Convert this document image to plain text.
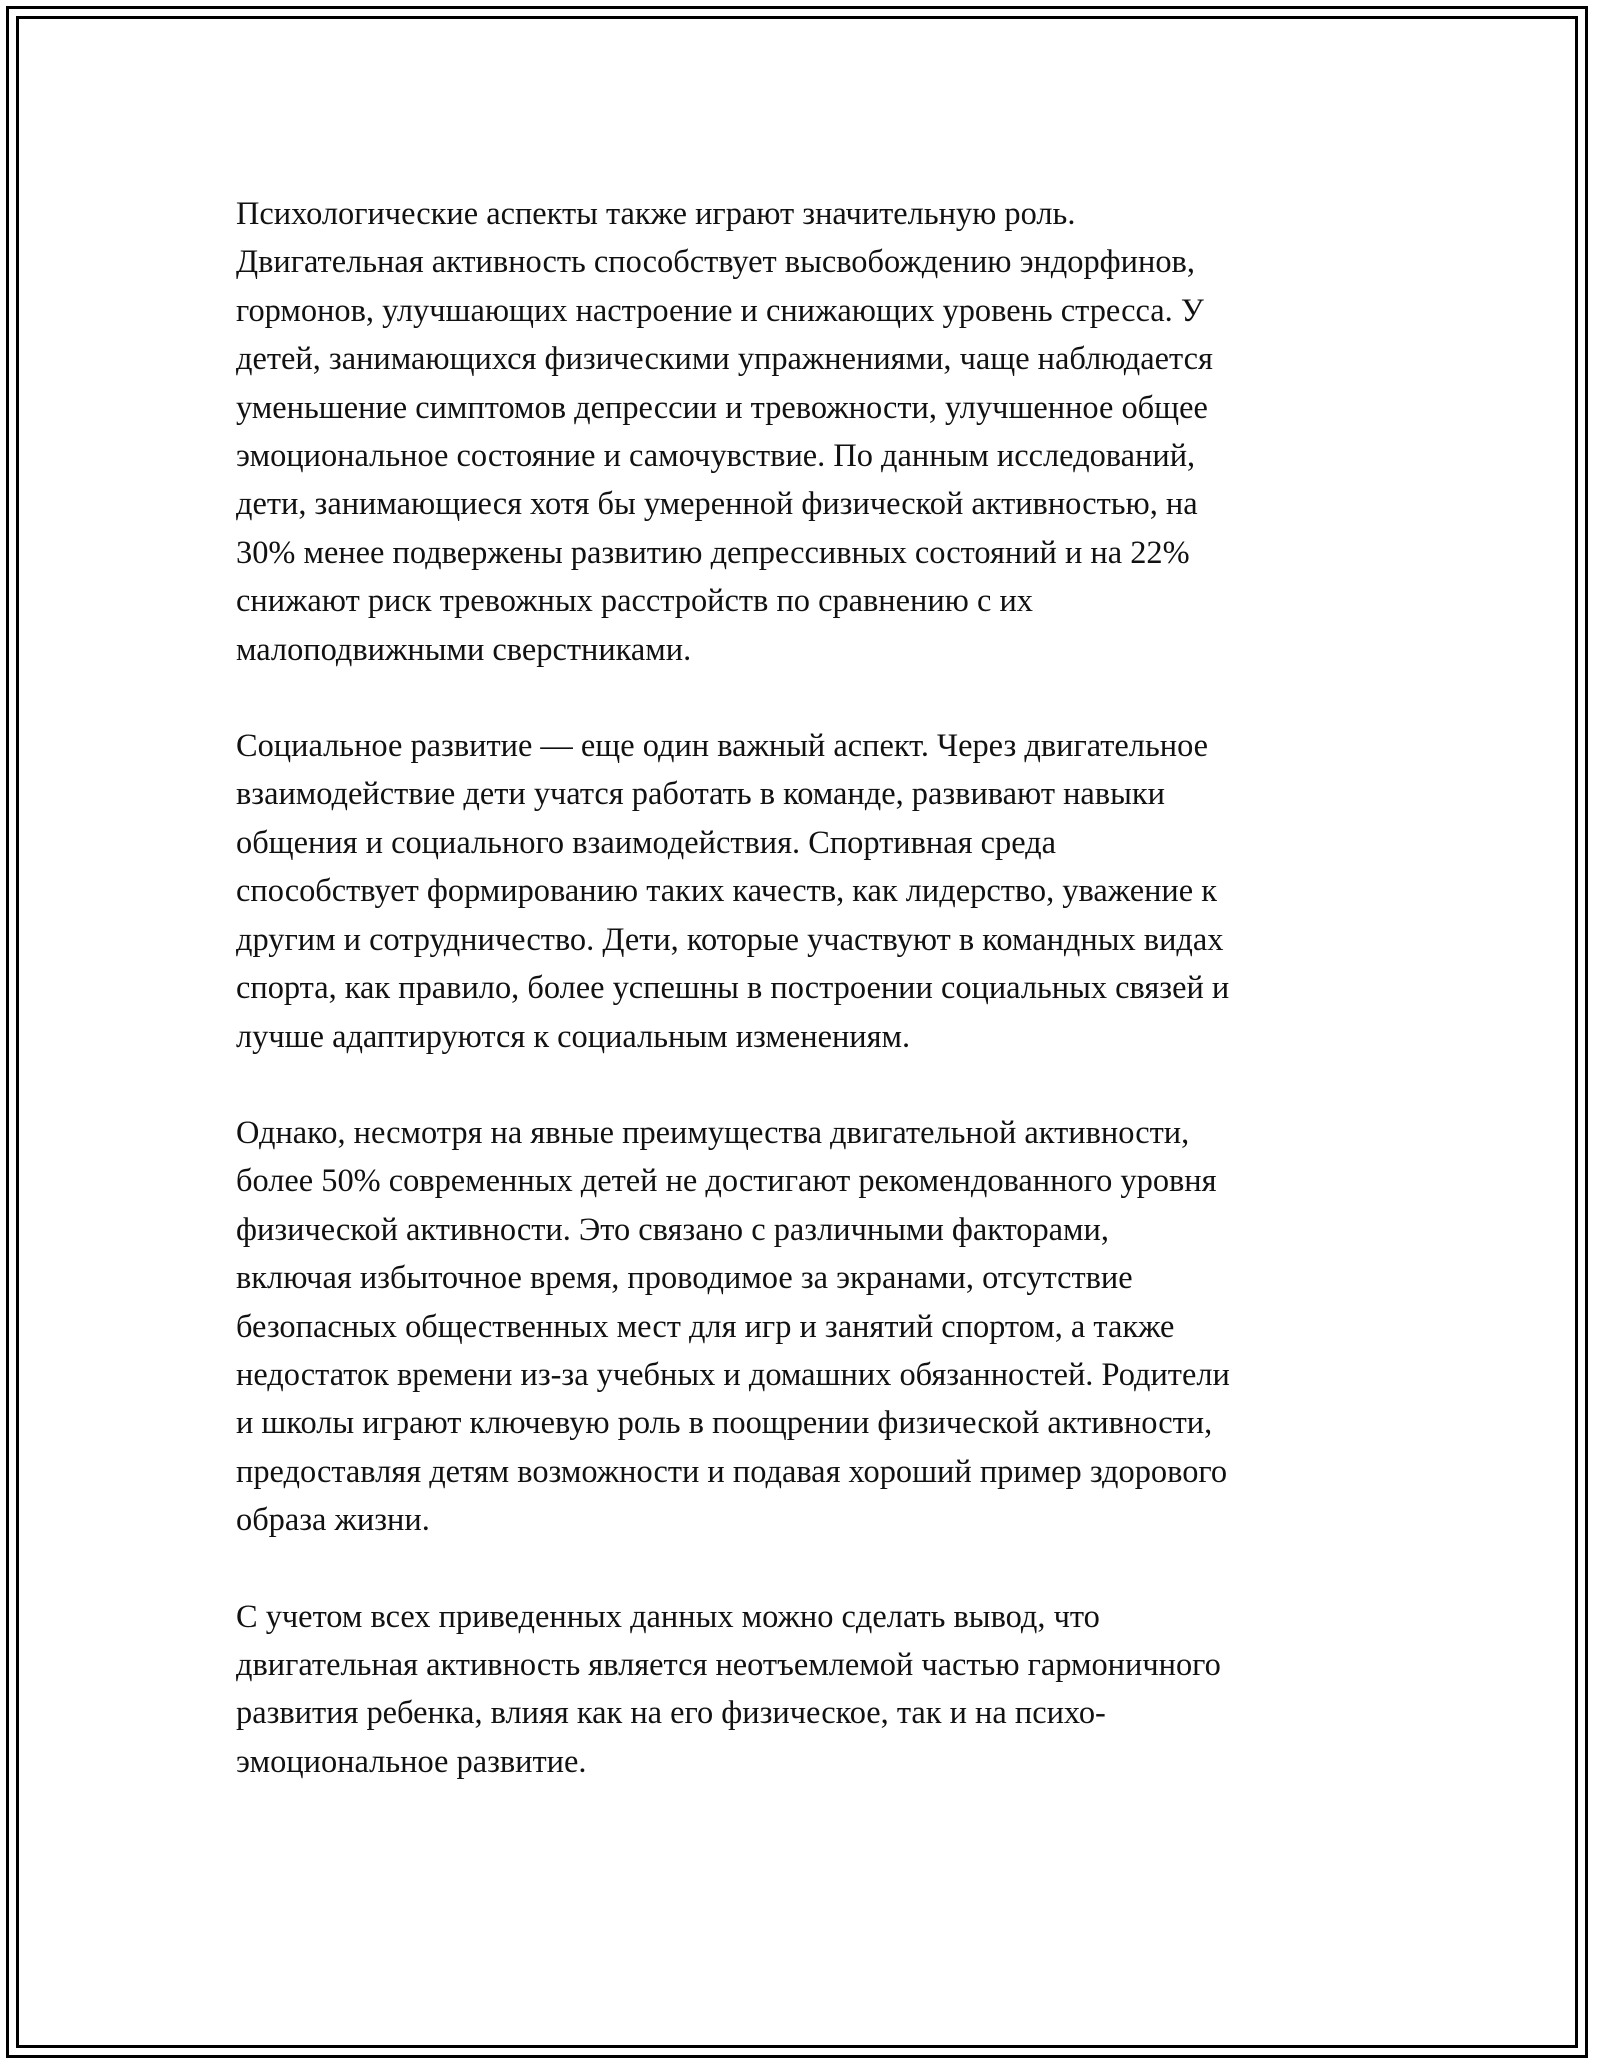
Психологические аспекты также играют значительную роль.
Двигательная активность способствует высвобождению эндорфинов,
гормонов, улучшающих настроение и снижающих уровень стресса. У
детей, занимающихся физическими упражнениями, чаще наблюдается
уменьшение симптомов депрессии и тревожности, улучшенное общее
эмоциональное состояние и самочувствие. По данным исследований,
дети, занимающиеся хотя бы умеренной физической активностью, на
30% менее подвержены развитию депрессивных состояний и на 22%
снижают риск тревожных расстройств по сравнению с их
малоподвижными сверстниками.

Социальное развитие — еще один важный аспект. Через двигательное
взаимодействие дети учатся работать в команде, развивают навыки
общения и социального взаимодействия. Спортивная среда
способствует формированию таких качеств, как лидерство, уважение к
другим и сотрудничество. Дети, которые участвуют в командных видах
спорта, как правило, более успешны в построении социальных связей и
лучше адаптируются к социальным изменениям.

Однако, несмотря на явные преимущества двигательной активности,
более 50% современных детей не достигают рекомендованного уровня
физической активности. Это связано с различными факторами,
включая избыточное время, проводимое за экранами, отсутствие
безопасных общественных мест для игр и занятий спортом, а также
недостаток времени из-за учебных и домашних обязанностей. Родители
и школы играют ключевую роль в поощрении физической активности,
предоставляя детям возможности и подавая хороший пример здорового
образа жизни.

С учетом всех приведенных данных можно сделать вывод, что
двигательная активность является неотъемлемой частью гармоничного
развития ребенка, влияя как на его физическое, так и на психо-
эмоциональное развитие.
